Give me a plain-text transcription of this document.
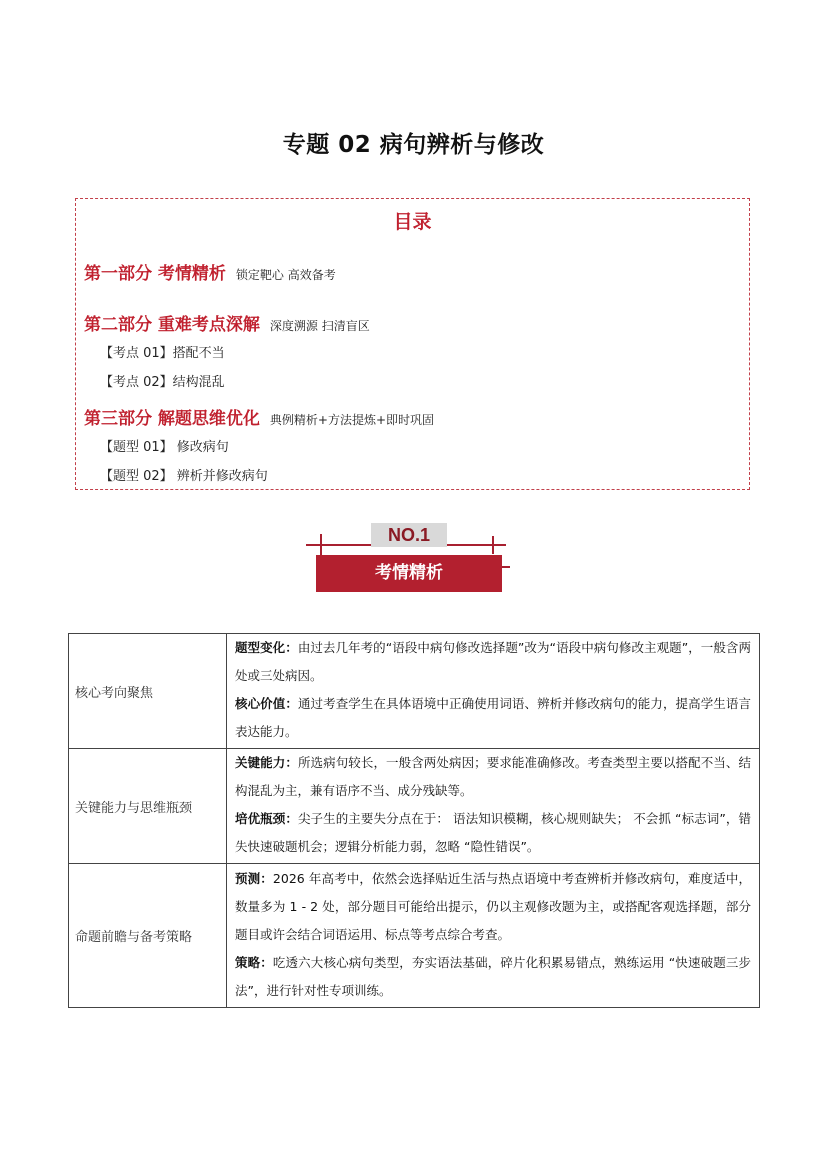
专题 02 病句辨析与修改
目录
第一部分 考情精析 锁定靶心 高效备考
第二部分 重难考点深解 深度溯源 扫清盲区
【考点 01】搭配不当
【考点 02】结构混乱
第三部分 解题思维优化 典例精析+方法提炼+即时巩固
【题型 01】 修改病句
【题型 02】 辨析并修改病句
NO.1
考情精析
核心考向聚焦	题型变化：由过去几年考的“语段中病句修改选择题”改为“语段中病句修改主观题”，一般含两处或三处病因。

核心价值：通过考查学生在具体语境中正确使用词语、辨析并修改病句的能力，提高学生语言表达能力。

关键能力与思维瓶颈	关键能力：所选病句较长，一般含两处病因；要求能准确修改。考查类型主要以搭配不当、结构混乱为主，兼有语序不当、成分残缺等。

培优瓶颈：尖子生的主要失分点在于： 语法知识模糊，核心规则缺失； 不会抓 “标志词”，错失快速破题机会；逻辑分析能力弱，忽略 “隐性错误”。

命题前瞻与备考策略	预测：2026 年高考中，依然会选择贴近生活与热点语境中考查辨析并修改病句，难度适中，数量多为 1 - 2 处，部分题目可能给出提示，仍以主观修改题为主，或搭配客观选择题，部分题目或许会结合词语运用、标点等考点综合考查。

策略：吃透六大核心病句类型，夯实语法基础，碎片化积累易错点，熟练运用 “快速破题三步法”，进行针对性专项训练。
